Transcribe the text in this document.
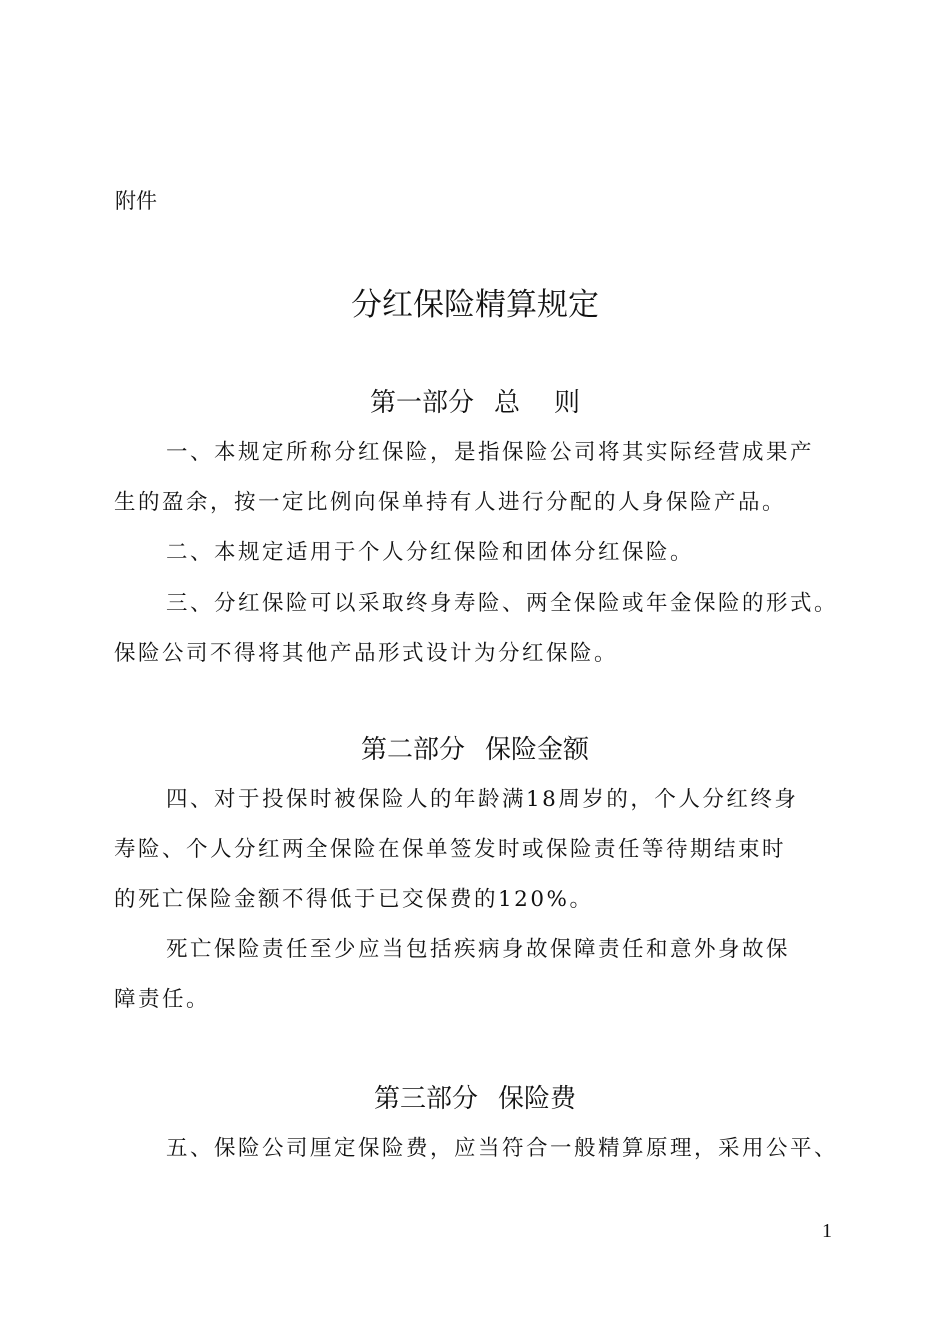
附件
分红保险精算规定
第一部分 总 则
一、本规定所称分红保险，是指保险公司将其实际经营成果产
生的盈余，按一定比例向保单持有人进行分配的人身保险产品。
二、本规定适用于个人分红保险和团体分红保险。
三、分红保险可以采取终身寿险、两全保险或年金保险的形式。
保险公司不得将其他产品形式设计为分红保险。
第二部分 保险金额
四、对于投保时被保险人的年龄满18周岁的，个人分红终身
寿险、个人分红两全保险在保单签发时或保险责任等待期结束时
的死亡保险金额不得低于已交保费的120%。
死亡保险责任至少应当包括疾病身故保障责任和意外身故保
障责任。
第三部分 保险费
五、保险公司厘定保险费，应当符合一般精算原理，采用公平、
1
